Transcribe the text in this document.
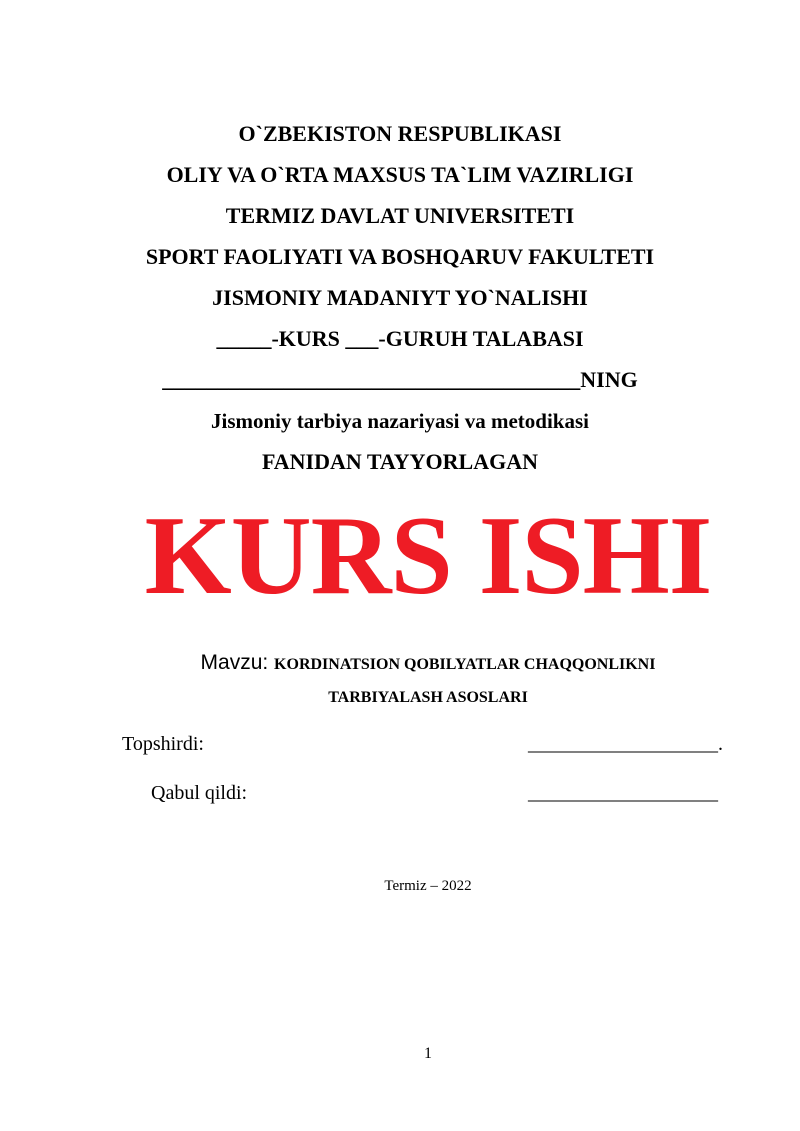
O`ZBEKISTON RESPUBLIKASI
OLIY VA O`RTA MAXSUS TA`LIM VAZIRLIGI
TERMIZ DAVLAT UNIVERSITETI
SPORT FAOLIYATI VA BOSHQARUV FAKULTETI
JISMONIY MADANIYT YO`NALISHI
_____-KURS ___-GURUH TALABASI
______________________________________NING
Jismoniy tarbiya nazariyasi va metodikasi
FANIDAN TAYYORLAGAN
KURS ISHI
Mavzu: KORDINATSION QOBILYATLAR CHAQQONLIKNI
TARBIYALASH ASOSLARI
Topshirdi:	___________________.
Qabul qildi:	___________________
Termiz – 2022
1
